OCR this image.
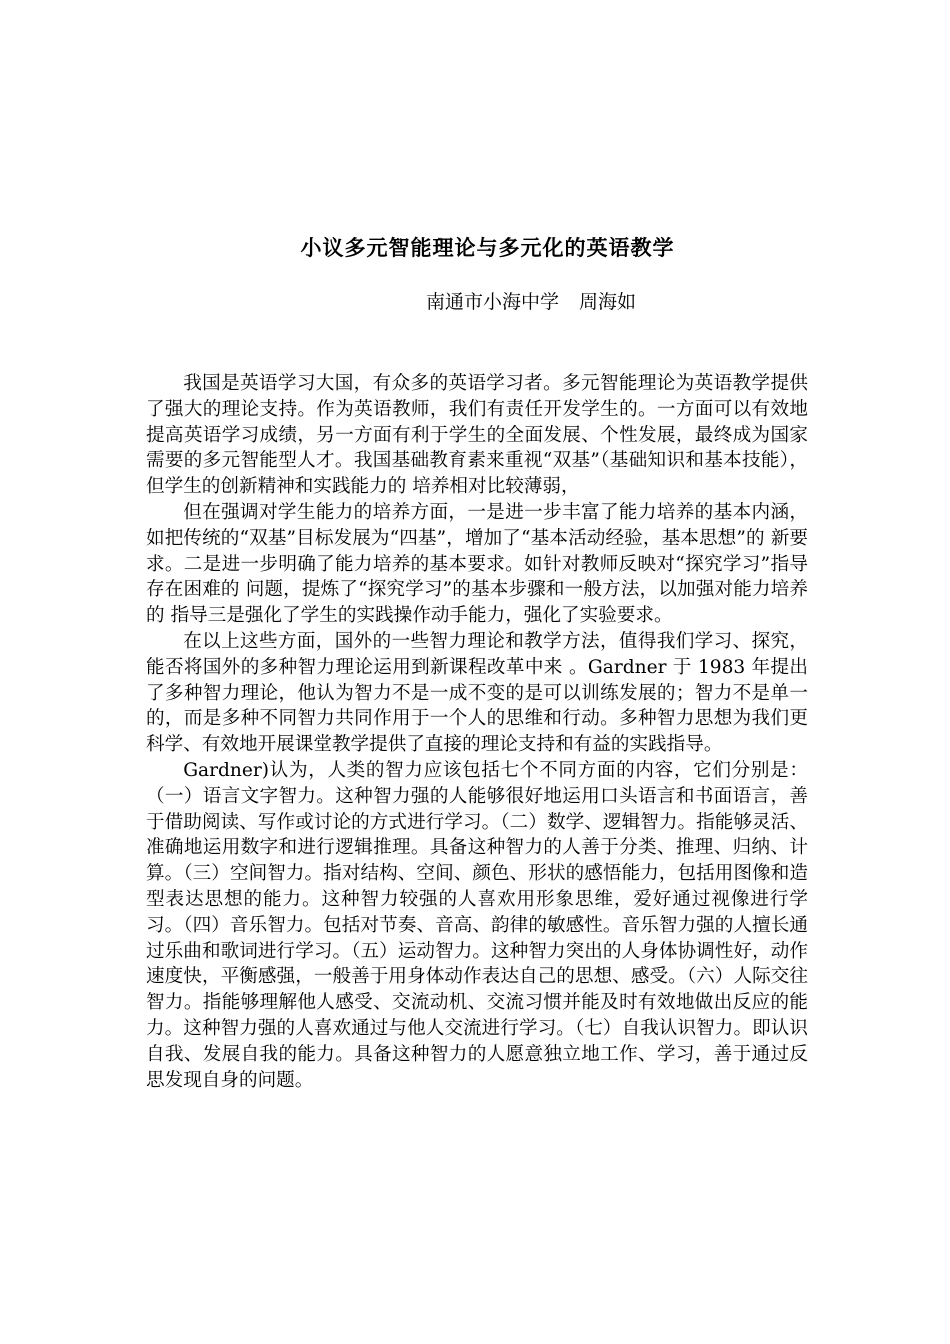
小议多元智能理论与多元化的英语教学
南通市小海中学 周海如

我国是英语学习大国，有众多的英语学习者。多元智能理论为英语教学提供了强大的理论支持。作为英语教师，我们有责任开发学生的。一方面可以有效地提高英语学习成绩，另一方面有利于学生的全面发展、个性发展，最终成为国家需要的多元智能型人才。我国基础教育素来重视“双基”（基础知识和基本技能），但学生的创新精神和实践能力的 培养相对比较薄弱，

但在强调对学生能力的培养方面，一是进一步丰富了能力培养的基本内涵，如把传统的“双基”目标发展为“四基”，增加了“基本活动经验，基本思想”的 新要求。二是进一步明确了能力培养的基本要求。如针对教师反映对“探究学习”指导存在困难的 问题，提炼了“探究学习”的基本步骤和一般方法，以加强对能力培养的 指导三是强化了学生的实践操作动手能力，强化了实验要求。

在以上这些方面，国外的一些智力理论和教学方法，值得我们学习、探究，能否将国外的多种智力理论运用到新课程改革中来 。Gardner 于 1983 年提出了多种智力理论，他认为智力不是一成不变的是可以训练发展的；智力不是单一的，而是多种不同智力共同作用于一个人的思维和行动。多种智力思想为我们更科学、有效地开展课堂教学提供了直接的理论支持和有益的实践指导。

Gardner)认为，人类的智力应该包括七个不同方面的内容，它们分别是：（一）语言文字智力。这种智力强的人能够很好地运用口头语言和书面语言，善于借助阅读、写作或讨论的方式进行学习。（二）数学、逻辑智力。指能够灵活、准确地运用数字和进行逻辑推理。具备这种智力的人善于分类、推理、归纳、计算。（三）空间智力。指对结构、空间、颜色、形状的感悟能力，包括用图像和造型表达思想的能力。这种智力较强的人喜欢用形象思维，爱好通过视像进行学习。（四）音乐智力。包括对节奏、音高、韵律的敏感性。音乐智力强的人擅长通过乐曲和歌词进行学习。（五）运动智力。这种智力突出的人身体协调性好，动作速度快，平衡感强，一般善于用身体动作表达自己的思想、感受。（六）人际交往智力。指能够理解他人感受、交流动机、交流习惯并能及时有效地做出反应的能力。这种智力强的人喜欢通过与他人交流进行学习。（七）自我认识智力。即认识自我、发展自我的能力。具备这种智力的人愿意独立地工作、学习，善于通过反思发现自身的问题。
